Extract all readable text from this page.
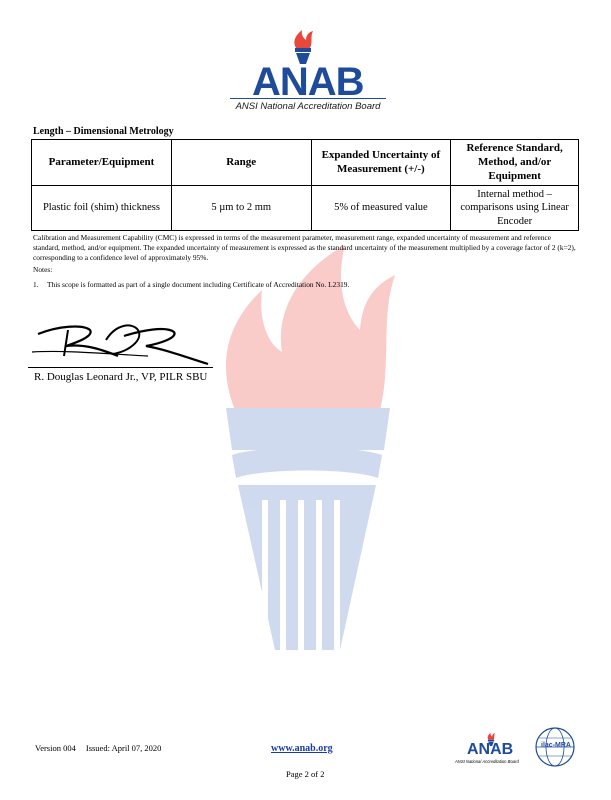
ANAB
ANSI National Accreditation Board
Length – Dimensional Metrology
Parameter/Equipment	Range	Expanded Uncertainty of Measurement (+/-)	Reference Standard, Method, and/or Equipment
Plastic foil (shim) thickness	5 µm to 2 mm	5% of measured value	Internal method – comparisons using Linear Encoder
Calibration and Measurement Capability (CMC) is expressed in terms of the measurement parameter, measurement range, expanded uncertainty of measurement and reference standard, method, and/or equipment. The expanded uncertainty of measurement is expressed as the standard uncertainty of the measurement multiplied by a coverage factor of 2 (k=2), corresponding to a confidence level of approximately 95%.
Notes:
1. This scope is formatted as part of a single document including Certificate of Accreditation No. L2319.
R. Douglas Leonard Jr., VP, PILR SBU
Version 004 Issued: April 07, 2020	www.anab.org
Page 2 of 2
ANAB
ANSI National Accreditation Board
ilac-MRA
